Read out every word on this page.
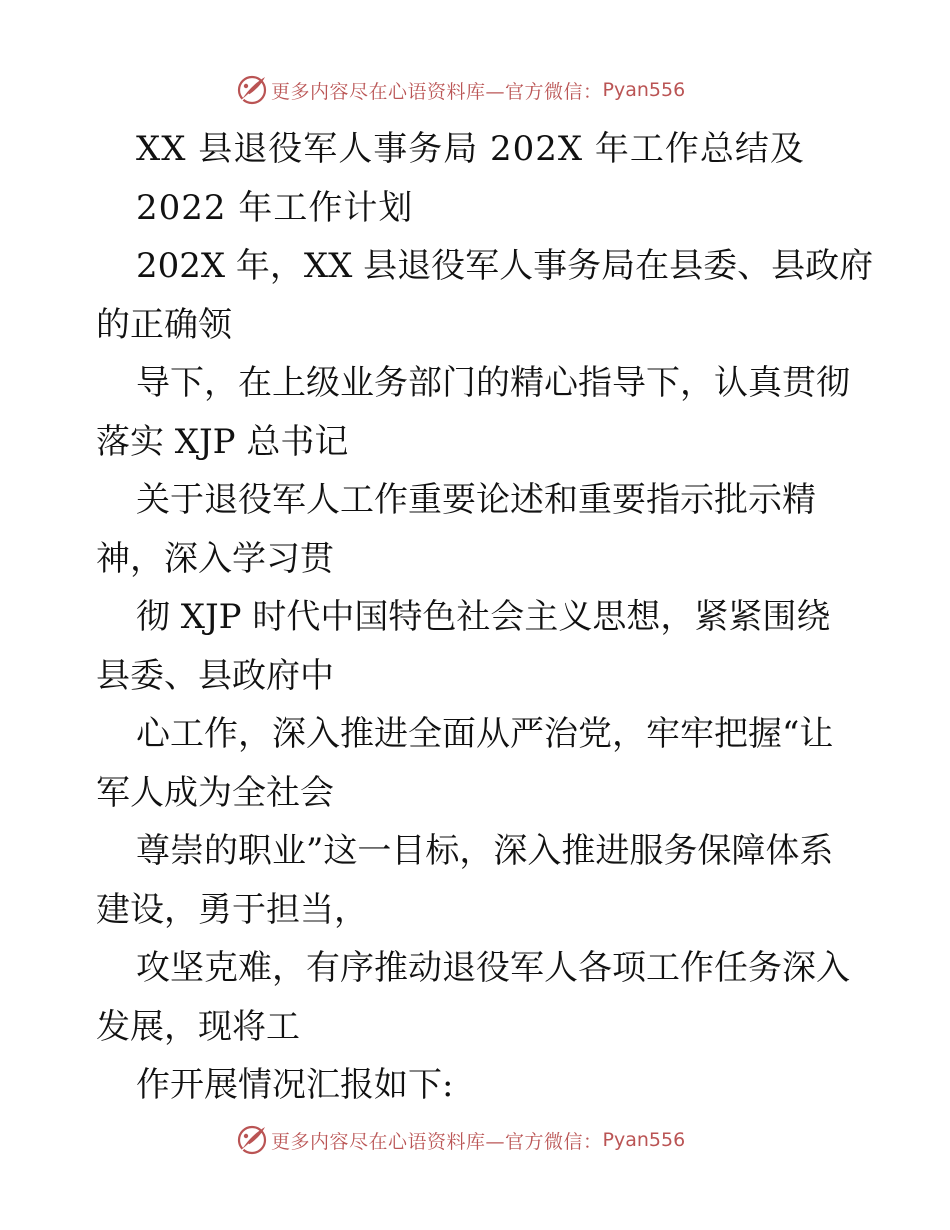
更多内容尽在心语资料库—官方微信： Pyan556
XX 县退役军人事务局 202X 年工作总结及
2022 年工作计划
202X 年，XX 县退役军人事务局在县委、县政府
的正确领
导下，在上级业务部门的精心指导下，认真贯彻
落实 XJP 总书记
关于退役军人工作重要论述和重要指示批示精
神，深入学习贯
彻 XJP 时代中国特色社会主义思想，紧紧围绕
县委、县政府中
心工作，深入推进全面从严治党，牢牢把握“让
军人成为全社会
尊崇的职业”这一目标，深入推进服务保障体系
建设，勇于担当，
攻坚克难，有序推动退役军人各项工作任务深入
发展，现将工
作开展情况汇报如下:
更多内容尽在心语资料库—官方微信： Pyan556
